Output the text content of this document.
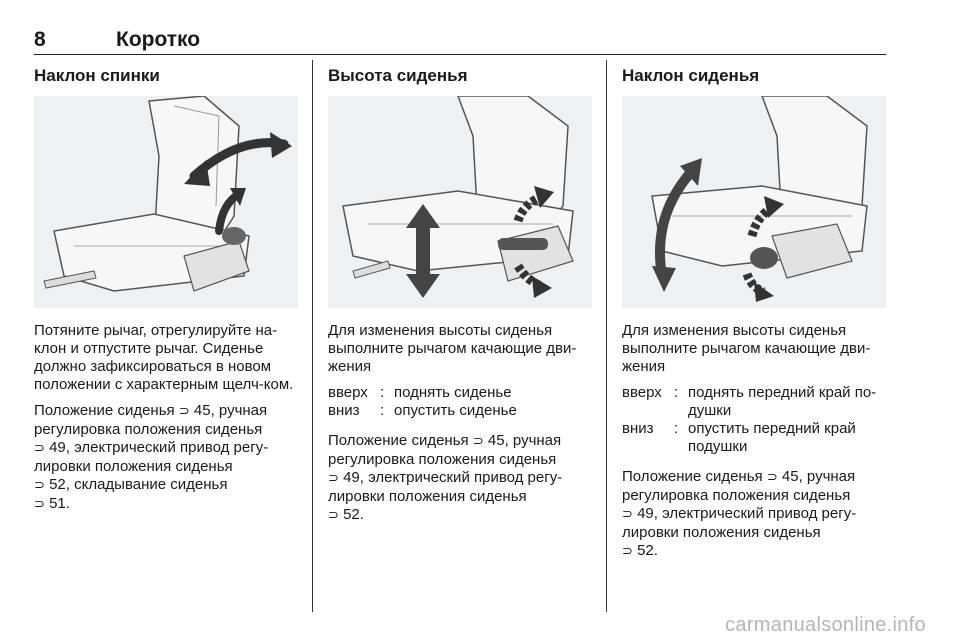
8	Коротко
Наклон спинки

Потяните рычаг, отрегулируйте на-клон и отпустите рычаг. Сиденье должно зафиксироваться в новом положении с характерным щелч-ком.

Положение сиденья ⊃ 45, ручная
регулировка положения сиденья
⊃ 49, электрический привод регу-
лировки положения сиденья
⊃ 52, складывание сиденья
⊃ 51.

Высота сиденья

Для изменения высоты сиденья выполните рычагом качающие дви-жения

вверх : поднять сиденье
вниз	: опустить сиденье

Положение сиденья ⊃ 45, ручная
регулировка положения сиденья
⊃ 49, электрический привод регу-
лировки положения сиденья
⊃ 52.

Наклон сиденья

Для изменения высоты сиденья выполните рычагом качающие дви-жения

вверх : поднять передний край по-душки
вниз	: опустить передний край подушки

Положение сиденья ⊃ 45, ручная
регулировка положения сиденья
⊃ 49, электрический привод регу-
лировки положения сиденья
⊃ 52.

carmanualsonline.info
